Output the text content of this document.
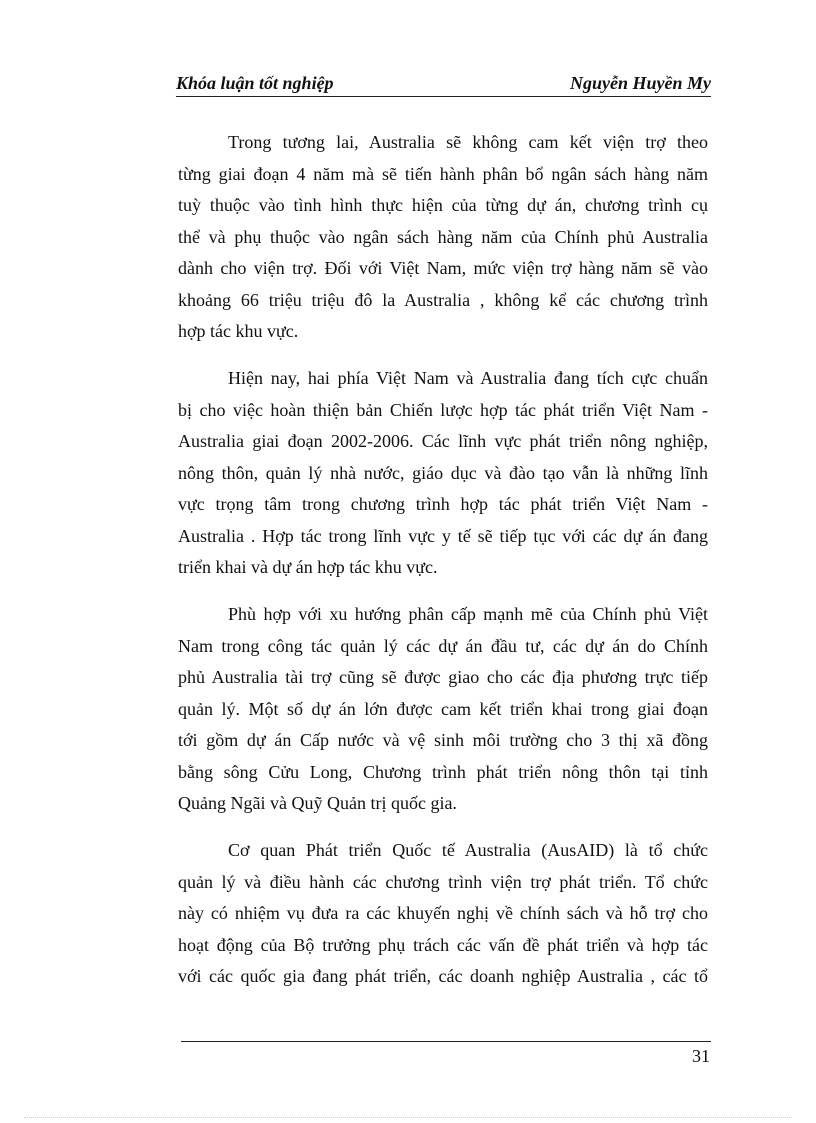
Khóa luận tốt nghiệp	Nguyễn Huyền My
Trong tương lai, Australia sẽ không cam kết viện trợ theo
từng giai đoạn 4 năm mà sẽ tiến hành phân bổ ngân sách hàng năm
tuỳ thuộc vào tình hình thực hiện của từng dự án, chương trình cụ
thể và phụ thuộc vào ngân sách hàng năm của Chính phủ Australia
dành cho viện trợ. Đối với Việt Nam, mức viện trợ hàng năm sẽ vào
khoảng 66 triệu triệu đô la Australia , không kể các chương trình
hợp tác khu vực.
Hiện nay, hai phía Việt Nam và Australia đang tích cực chuẩn
bị cho việc hoàn thiện bản Chiến lược hợp tác phát triển Việt Nam -
Australia giai đoạn 2002-2006. Các lĩnh vực phát triển nông nghiệp,
nông thôn, quản lý nhà nước, giáo dục và đào tạo vẫn là những lĩnh
vực trọng tâm trong chương trình hợp tác phát triển Việt Nam -
Australia . Hợp tác trong lĩnh vực y tế sẽ tiếp tục với các dự án đang
triển khai và dự án hợp tác khu vực.
Phù hợp với xu hướng phân cấp mạnh mẽ của Chính phủ Việt
Nam trong công tác quản lý các dự án đầu tư, các dự án do Chính
phủ Australia tài trợ cũng sẽ được giao cho các địa phương trực tiếp
quản lý. Một số dự án lớn được cam kết triển khai trong giai đoạn
tới gồm dự án Cấp nước và vệ sinh môi trường cho 3 thị xã đồng
bằng sông Cửu Long, Chương trình phát triển nông thôn tại tỉnh
Quảng Ngãi và Quỹ Quản trị quốc gia.
Cơ quan Phát triển Quốc tế Australia (AusAID) là tổ chức
quản lý và điều hành các chương trình viện trợ phát triển. Tổ chức
này có nhiệm vụ đưa ra các khuyến nghị về chính sách và hỗ trợ cho
hoạt động của Bộ trưởng phụ trách các vấn đề phát triển và hợp tác
với các quốc gia đang phát triển, các doanh nghiệp Australia , các tổ
31
